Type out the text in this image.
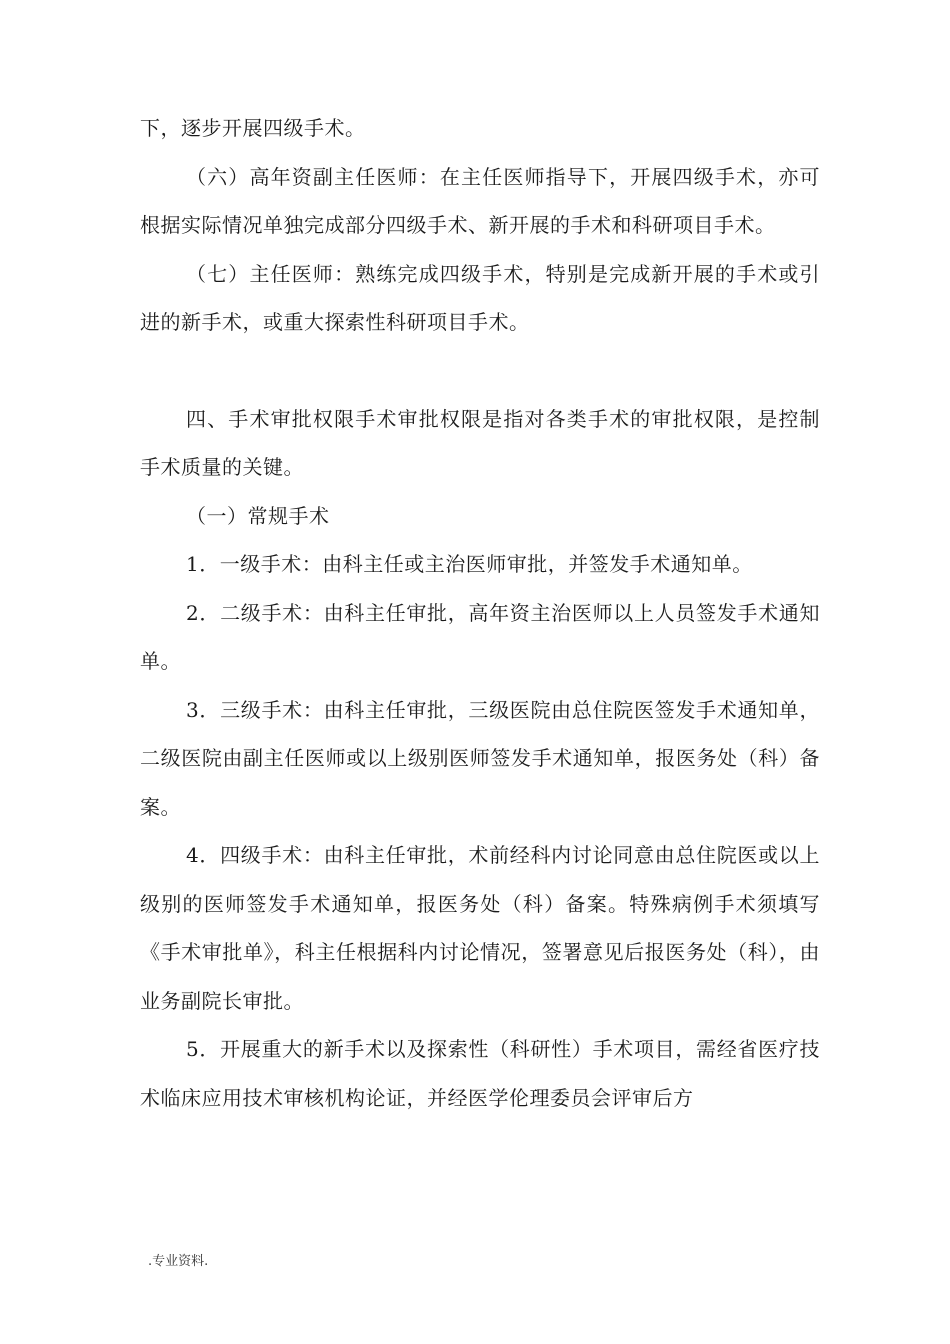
下，逐步开展四级手术。

（六）高年资副主任医师：在主任医师指导下，开展四级手术，亦可根据实际情况单独完成部分四级手术、新开展的手术和科研项目手术。

（七）主任医师：熟练完成四级手术，特别是完成新开展的手术或引进的新手术，或重大探索性科研项目手术。

四、手术审批权限手术审批权限是指对各类手术的审批权限，是控制手术质量的关键。

（一）常规手术

1．一级手术：由科主任或主治医师审批，并签发手术通知单。

2．二级手术：由科主任审批，高年资主治医师以上人员签发手术通知单。

3．三级手术：由科主任审批，三级医院由总住院医签发手术通知单，二级医院由副主任医师或以上级别医师签发手术通知单，报医务处（科）备案。

4．四级手术：由科主任审批，术前经科内讨论同意由总住院医或以上级别的医师签发手术通知单，报医务处（科）备案。特殊病例手术须填写《手术审批单》，科主任根据科内讨论情况，签署意见后报医务处（科），由业务副院长审批。

5．开展重大的新手术以及探索性（科研性）手术项目，需经省医疗技术临床应用技术审核机构论证，并经医学伦理委员会评审后方

.专业资料.
